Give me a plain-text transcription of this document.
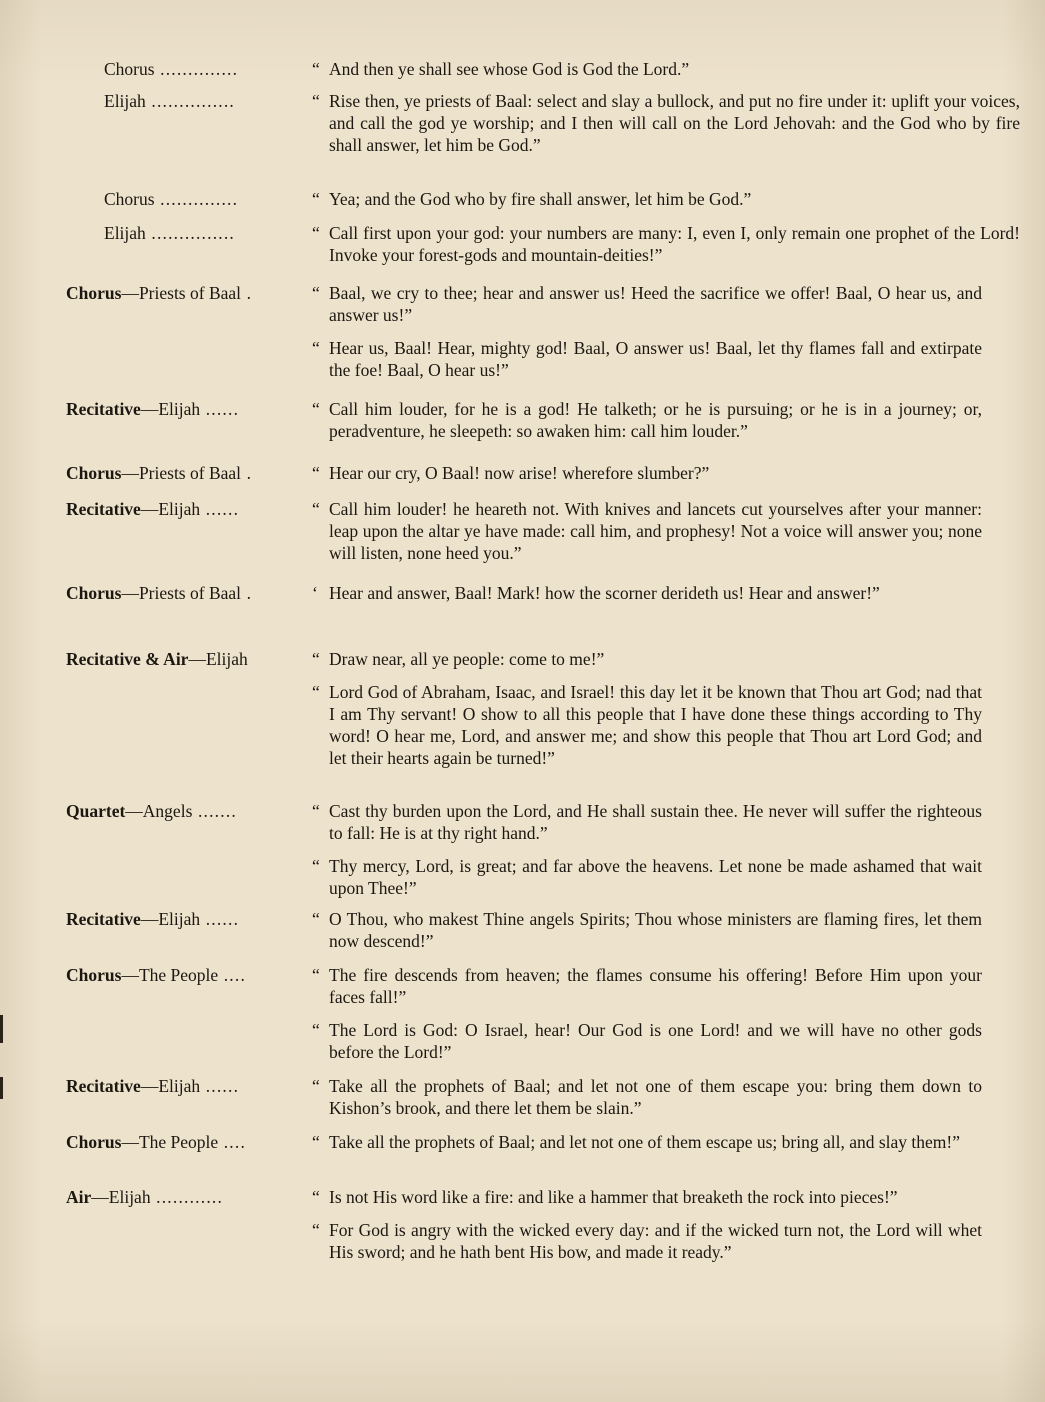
Chorus ..............	“ And then ye shall see whose God is God the Lord.”
Elijah ...............	“ Rise then, ye priests of Baal: select and slay a bullock, and put no fire under it: uplift your voices, and call the god ye worship; and I then will call on the Lord Jehovah: and the God who by fire shall answer, let him be God.”
Chorus ..............	“ Yea; and the God who by fire shall answer, let him be God.”
Elijah ...............	“ Call first upon your god: your numbers are many: I, even I, only remain one prophet of the Lord! Invoke your forest-gods and mountain-deities!”
Chorus—Priests of Baal .	“ Baal, we cry to thee; hear and answer us! Heed the sacrifice we offer! Baal, O hear us, and answer us!”
“ Hear us, Baal! Hear, mighty god! Baal, O answer us! Baal, let thy flames fall and extirpate the foe! Baal, O hear us!”
Recitative—Elijah ......	“ Call him louder, for he is a god! He talketh; or he is pursuing; or he is in a journey; or, peradventure, he sleepeth: so awaken him: call him louder.”
Chorus—Priests of Baal .	“ Hear our cry, O Baal! now arise! wherefore slumber?”
Recitative—Elijah ......	“ Call him louder! he heareth not. With knives and lancets cut yourselves after your manner: leap upon the altar ye have made: call him, and prophesy! Not a voice will answer you; none will listen, none heed you.”
Chorus—Priests of Baal .	‘ Hear and answer, Baal! Mark! how the scorner derideth us! Hear and answer!”
Recitative & Air—Elijah	“ Draw near, all ye people: come to me!”
“ Lord God of Abraham, Isaac, and Israel! this day let it be known that Thou art God; nad that I am Thy servant! O show to all this people that I have done these things according to Thy word! O hear me, Lord, and answer me; and show this people that Thou art Lord God; and let their hearts again be turned!”
Quartet—Angels .......	“ Cast thy burden upon the Lord, and He shall sustain thee. He never will suffer the righteous to fall: He is at thy right hand.”
“ Thy mercy, Lord, is great; and far above the heavens. Let none be made ashamed that wait upon Thee!”
Recitative—Elijah ......	“ O Thou, who makest Thine angels Spirits; Thou whose ministers are flaming fires, let them now descend!”
Chorus—The People ....	“ The fire descends from heaven; the flames consume his offering! Before Him upon your faces fall!”
“ The Lord is God: O Israel, hear! Our God is one Lord! and we will have no other gods before the Lord!”
Recitative—Elijah ......	“ Take all the prophets of Baal; and let not one of them escape you: bring them down to Kishon’s brook, and there let them be slain.”
Chorus—The People ....	“ Take all the prophets of Baal; and let not one of them escape us; bring all, and slay them!”
Air—Elijah ............	“ Is not His word like a fire: and like a hammer that breaketh the rock into pieces!”
“ For God is angry with the wicked every day: and if the wicked turn not, the Lord will whet His sword; and he hath bent His bow, and made it ready.”
